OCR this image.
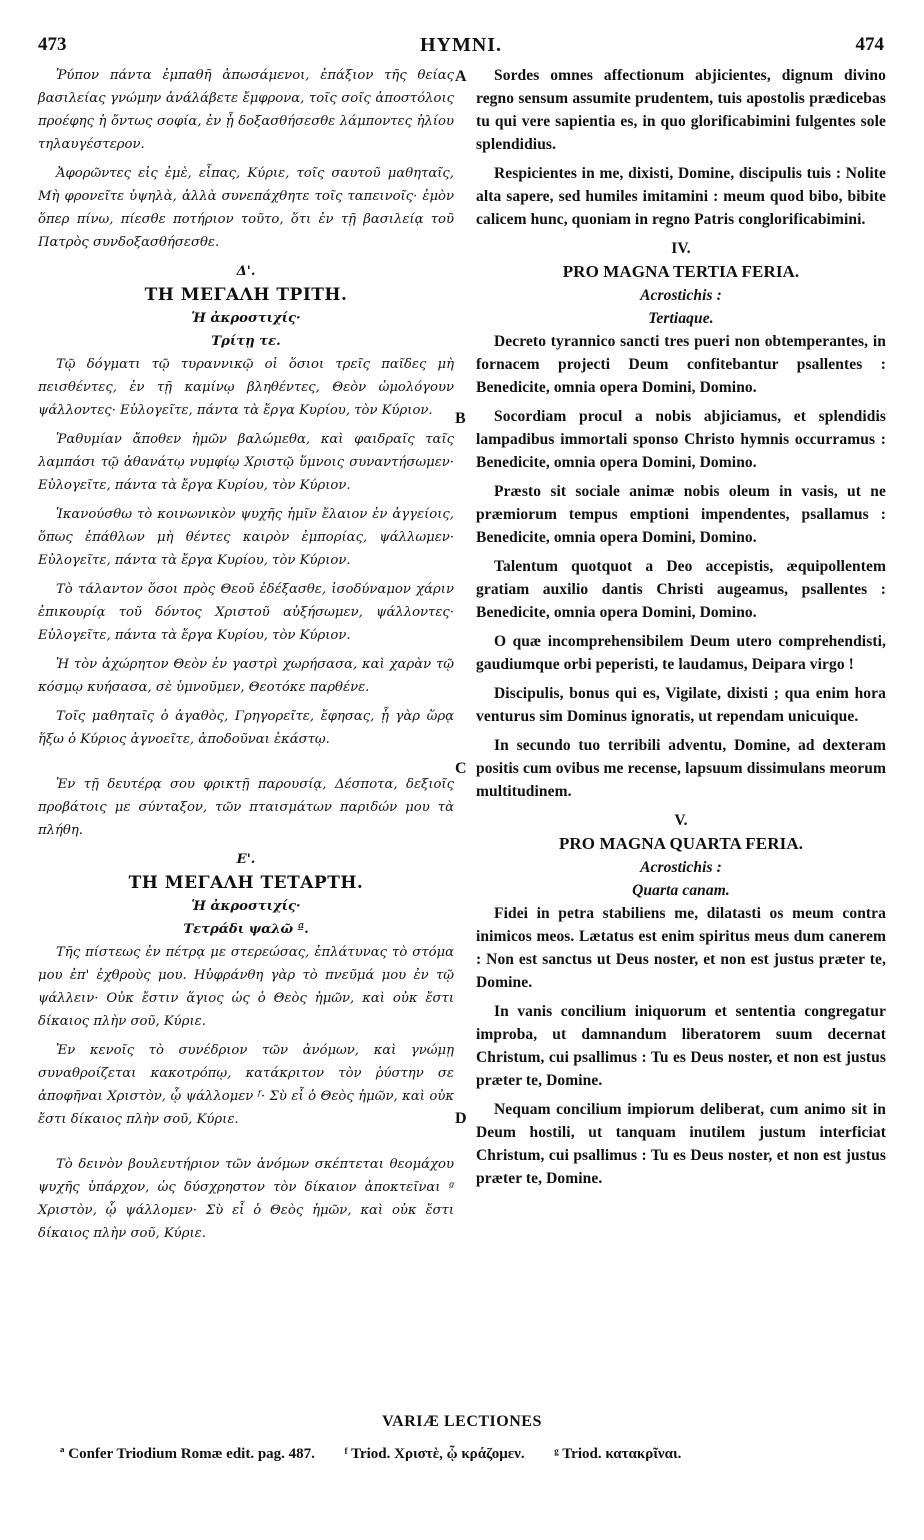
473	HYMNI.	474

Ῥύπον πάντα ἐμπαθῆ ἀπωσάμενοι, ἐπάξιον τῆς θείας βασιλείας γνώμην ἀνάλάβετε ἔμφρονα, τοῖς σοῖς ἀποστόλοις προέφης ἡ ὄντως σοφία, ἐν ᾗ δοξασθήσεσθε λάμποντες ἡλίου τηλαυγέστερον.

Ἀφορῶντες εἰς ἐμὲ, εἶπας, Κύριε, τοῖς σαυτοῦ μαθηταῖς, Μὴ φρονεῖτε ὑψηλὰ, ἀλλὰ συνεπάχθητε τοῖς ταπεινοῖς· ἐμὸν ὅπερ πίνω, πίεσθε ποτήριον τοῦτο, ὅτι ἐν τῇ βασιλείᾳ τοῦ Πατρὸς συνδοξασθήσεσθε.

Δ'.

ΤΗ ΜΕΓΑΛΗ ΤΡΙΤΗ.

Ἡ ἀκροστιχίς·

Τρίτῃ τε.

Τῷ δόγματι τῷ τυραννικῷ οἱ ὅσιοι τρεῖς παῖδες μὴ πεισθέντες, ἐν τῇ καμίνῳ βληθέντες, Θεὸν ὡμολόγουν ψάλλοντες· Εὐλογεῖτε, πάντα τὰ ἔργα Κυρίου, τὸν Κύριον.

Ῥαθυμίαν ἄποθεν ἡμῶν βαλώμεθα, καὶ φαιδραῖς ταῖς λαμπάσι τῷ ἀθανάτῳ νυμφίῳ Χριστῷ ὕμνοις συναντήσωμεν· Εὐλογεῖτε, πάντα τὰ ἔργα Κυρίου, τὸν Κύριον.

Ἱκανούσθω τὸ κοινωνικὸν ψυχῆς ἡμῖν ἔλαιον ἐν ἀγγείοις, ὅπως ἐπάθλων μὴ θέντες καιρὸν ἐμπορίας, ψάλλωμεν· Εὐλογεῖτε, πάντα τὰ ἔργα Κυρίου, τὸν Κύριον.

Τὸ τάλαντον ὅσοι πρὸς Θεοῦ ἐδέξασθε, ἰσοδύναμον χάριν ἐπικουρίᾳ τοῦ δόντος Χριστοῦ αὐξήσωμεν, ψάλλοντες· Εὐλογεῖτε, πάντα τὰ ἔργα Κυρίου, τὸν Κύριον.

Ἡ τὸν ἀχώρητον Θεὸν ἐν γαστρὶ χωρήσασα, καὶ χαρὰν τῷ κόσμῳ κυήσασα, σὲ ὑμνοῦμεν, Θεοτόκε παρθένε.

Τοῖς μαθηταῖς ὁ ἀγαθὸς, Γρηγορεῖτε, ἔφησας, ᾗ γὰρ ὥρᾳ ἥξω ὁ Κύριος ἀγνοεῖτε, ἀποδοῦναι ἑκάστῳ.

Ἐν τῇ δευτέρᾳ σου φρικτῇ παρουσίᾳ, Δέσποτα, δεξιοῖς προβάτοις με σύνταξον, τῶν πταισμάτων παριδών μου τὰ πλήθη.

Ε'.

ΤΗ ΜΕΓΑΛΗ ΤΕΤΑΡΤΗ.

Ἡ ἀκροστιχίς·

Τετράδι ψαλῶ ª.

Τῆς πίστεως ἐν πέτρᾳ με στερεώσας, ἐπλάτυνας τὸ στόμα μου ἐπ' ἐχθροὺς μου. Ηὐφράνθη γὰρ τὸ πνεῦμά μου ἐν τῷ ψάλλειν· Οὐκ ἔστιν ἅγιος ὡς ὁ Θεὸς ἡμῶν, καὶ οὐκ ἔστι δίκαιος πλὴν σοῦ, Κύριε.

Ἐν κενοῖς τὸ συνέδριον τῶν ἀνόμων, καὶ γνώμῃ συναθροίζεται κακοτρόπῳ, κατάκριτον τὸν ῥύστην σε ἀποφῆναι Χριστὸν, ᾧ ψάλλομεν ᶠ· Σὺ εἶ ὁ Θεὸς ἡμῶν, καὶ οὐκ ἔστι δίκαιος πλὴν σοῦ, Κύριε.

Τὸ δεινὸν βουλευτήριον τῶν ἀνόμων σκέπτεται θεομάχου ψυχῆς ὑπάρχον, ὡς δύσχρηστον τὸν δίκαιον ἀποκτεῖναι ᵍ Χριστὸν, ᾧ ψάλλομεν· Σὺ εἶ ὁ Θεὸς ἡμῶν, καὶ οὐκ ἔστι δίκαιος πλὴν σοῦ, Κύριε.

A
B
C
D

Sordes omnes affectionum abjicientes, dignum divino regno sensum assumite prudentem, tuis apostolis prædicebas tu qui vere sapientia es, in quo glorificabimini fulgentes sole splendidius.

Respicientes in me, dixisti, Domine, discipulis tuis : Nolite alta sapere, sed humiles imitamini : meum quod bibo, bibite calicem hunc, quoniam in regno Patris conglorificabimini.

IV.

PRO MAGNA TERTIA FERIA.

Acrostichis :

Tertiaque.

Decreto tyrannico sancti tres pueri non obtemperantes, in fornacem projecti Deum confitebantur psallentes : Benedicite, omnia opera Domini, Domino.

Socordiam procul a nobis abjiciamus, et splendidis lampadibus immortali sponso Christo hymnis occurramus : Benedicite, omnia opera Domini, Domino.

Præsto sit sociale animæ nobis oleum in vasis, ut ne præmiorum tempus emptioni impendentes, psallamus : Benedicite, omnia opera Domini, Domino.

Talentum quotquot a Deo accepistis, æquipollentem gratiam auxilio dantis Christi augeamus, psallentes : Benedicite, omnia opera Domini, Domino.

O quæ incomprehensibilem Deum utero comprehendisti, gaudiumque orbi peperisti, te laudamus, Deipara virgo !

Discipulis, bonus qui es, Vigilate, dixisti ; qua enim hora venturus sim Dominus ignoratis, ut rependam unicuique.

In secundo tuo terribili adventu, Domine, ad dexteram positis cum ovibus me recense, lapsuum dissimulans meorum multitudinem.

V.

PRO MAGNA QUARTA FERIA.

Acrostichis :

Quarta canam.

Fidei in petra stabiliens me, dilatasti os meum contra inimicos meos. Lætatus est enim spiritus meus dum canerem : Non est sanctus ut Deus noster, et non est justus præter te, Domine.

In vanis concilium iniquorum et sententia congregatur improba, ut damnandum liberatorem suum decernat Christum, cui psallimus : Tu es Deus noster, et non est justus præter te, Domine.

Nequam concilium impiorum deliberat, cum animo sit in Deum hostili, ut tanquam inutilem justum interficiat Christum, cui psallimus : Tu es Deus noster, et non est justus præter te, Domine.

VARIÆ LECTIONES
ª Confer Triodium Romæ edit. pag. 487. ᶠ Triod. Χριστὲ, ᾧ κράζομεν. ᵍ Triod. κατακρῖναι.
